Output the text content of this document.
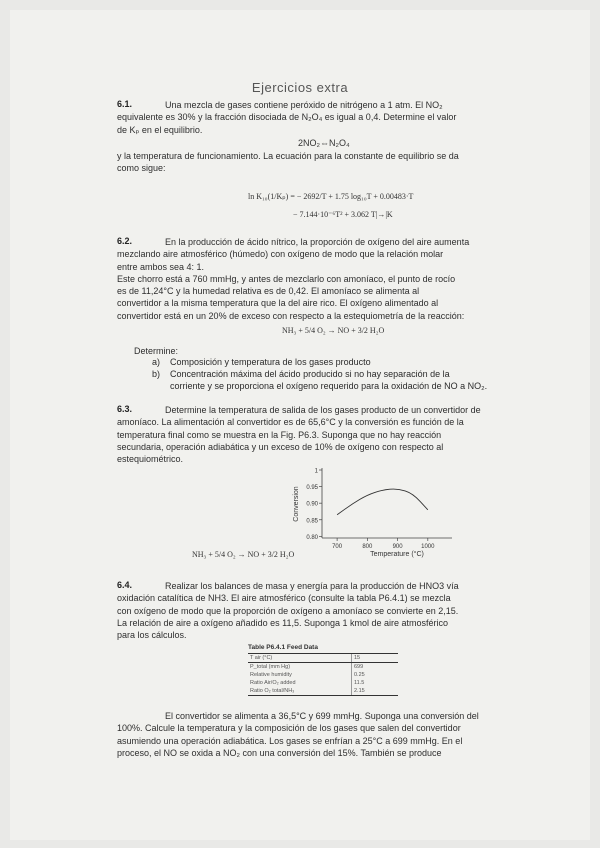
Ejercicios extra
6.1.	Una mezcla de gases contiene peróxido de nitrógeno a 1 atm. El NO₂

equivalente es 30% y la fracción disociada de N₂O₄ es igual a 0,4. Determine el valor

de Kₚ en el equilibrio.

2NO₂⇔N₂O₄

y la temperatura de funcionamiento. La ecuación para la constante de equilibrio se da

como sigue:

ln K₁₀(1/Kₚ) = − 2692/T + 1.75 log₁₀T + 0.00483·T
− 7.144·10⁻⁶T² + 3.062 T|→|K
6.2.	En la producción de ácido nítrico, la proporción de oxígeno del aire aumenta

mezclando aire atmosférico (húmedo) con oxígeno de modo que la relación molar

entre ambos sea 4: 1.

Este chorro está a 760 mmHg, y antes de mezclarlo con amoníaco, el punto de rocío

es de 11,24°C y la humedad relativa es de 0,42. El amoníaco se alimenta al

convertidor a la misma temperatura que la del aire rico. El oxígeno alimentado al

convertidor está en un 20% de exceso con respecto a la estequiometría de la reacción:

NH₃ + 5/4 O₂ → NO + 3/2 H₂O
Determine:
a) Composición y temperatura de los gases producto
b) Concentración máxima del ácido producido si no hay separación de la
corriente y se proporciona el oxígeno requerido para la oxidación de NO a NO₂.
6.3.	Determine la temperatura de salida de los gases producto de un convertidor de

amoníaco. La alimentación al convertidor es de 65,6°C y la conversión es función de la

temperatura final como se muestra en la Fig. P6.3. Suponga que no hay reacción

secundaria, operación adiabática y un exceso de 10% de oxígeno con respecto al

estequiométrico.

0.80
0.85
0.90
0.95
1
700	800	900	1000
Temperature (°C)
Conversion
NH₃ + 5/4 O₂ → NO + 3/2 H₂O
6.4.	Realizar los balances de masa y energía para la producción de HNO3 vía

oxidación catalítica de NH3. El aire atmosférico (consulte la tabla P6.4.1) se mezcla

con oxígeno de modo que la proporción de oxígeno a amoníaco se convierte en 2,15.

La relación de aire a oxígeno añadido es 11,5. Suponga 1 kmol de aire atmosférico

para los cálculos.

Table P6.4.1 Feed Data
T air (°C)	15
P_total (mm Hg)	699
Relative humidity	0.25
Ratio Air/O₂ added	11.5
Ratio O₂ total/NH₃	2.15

El convertidor se alimenta a 36,5°C y 699 mmHg. Suponga una conversión del

100%. Calcule la temperatura y la composición de los gases que salen del convertidor

asumiendo una operación adiabática. Los gases se enfrían a 25°C a 699 mmHg. En el

proceso, el NO se oxida a NO₂ con una conversión del 15%. También se produce
